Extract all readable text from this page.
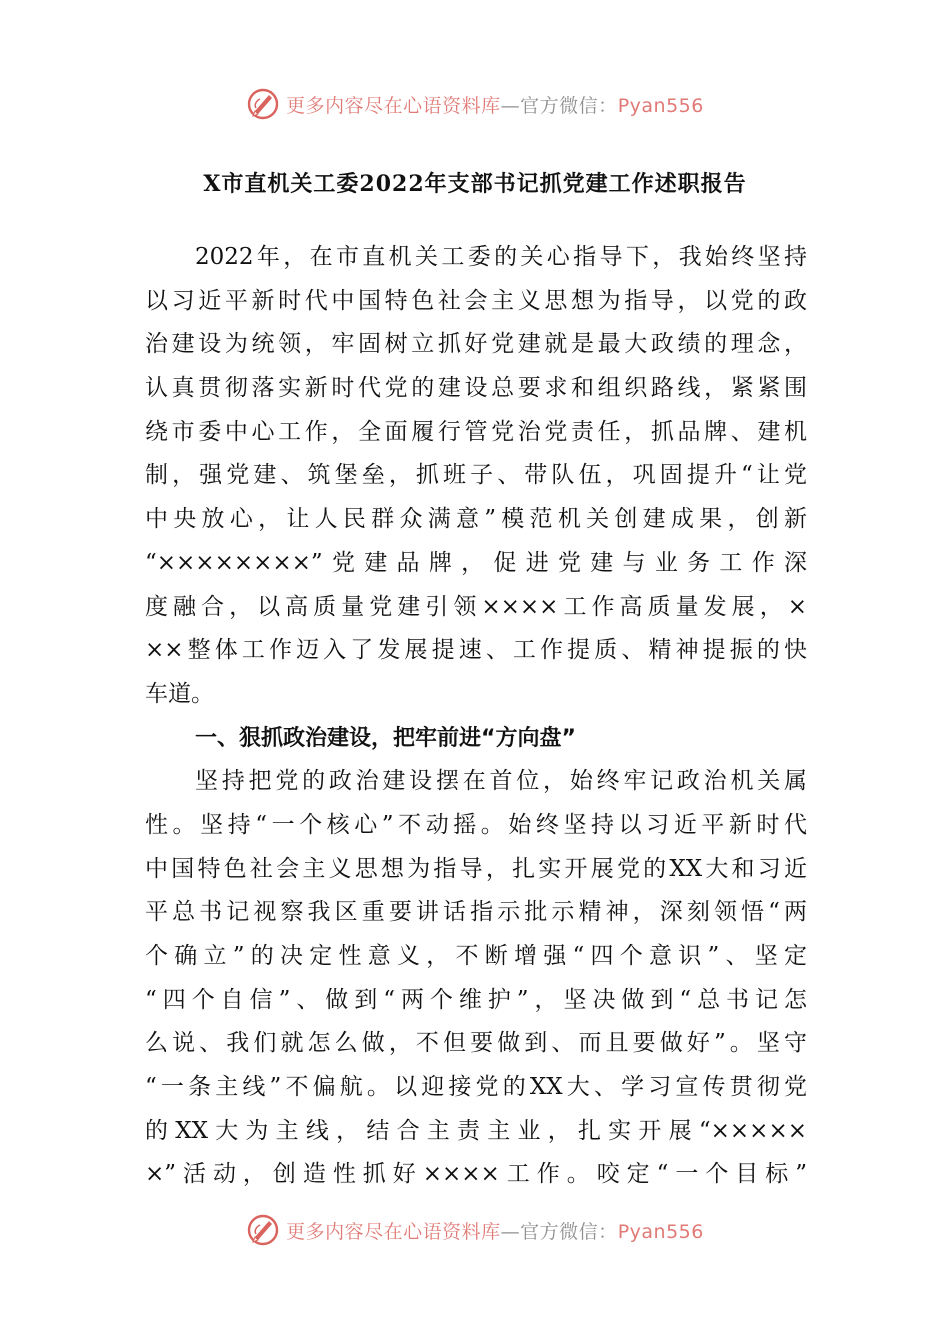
更多内容尽在心语资料库—官方微信：Pyan556
X市直机关工委2022年支部书记抓党建工作述职报告
2022年，在市直机关工委的关心指导下，我始终坚持
以习近平新时代中国特色社会主义思想为指导，以党的政
治建设为统领，牢固树立抓好党建就是最大政绩的理念，
认真贯彻落实新时代党的建设总要求和组织路线，紧紧围
绕市委中心工作，全面履行管党治党责任，抓品牌、建机
制，强党建、筑堡垒，抓班子、带队伍，巩固提升“让党
中央放心，让人民群众满意”模范机关创建成果，创新
“××××××××”党建品牌，促进党建与业务工作深
度融合，以高质量党建引领××××工作高质量发展，×
××整体工作迈入了发展提速、工作提质、精神提振的快
车道。
一、狠抓政治建设，把牢前进“方向盘”
坚持把党的政治建设摆在首位，始终牢记政治机关属
性。坚持“一个核心”不动摇。始终坚持以习近平新时代
中国特色社会主义思想为指导，扎实开展党的XX大和习近
平总书记视察我区重要讲话指示批示精神，深刻领悟“两
个确立”的决定性意义，不断增强“四个意识”、坚定
“四个自信”、做到“两个维护”，坚决做到“总书记怎
么说、我们就怎么做，不但要做到、而且要做好”。坚守
“一条主线”不偏航。以迎接党的XX大、学习宣传贯彻党
的XX大为主线，结合主责主业，扎实开展“×××××
×”活动，创造性抓好××××工作。咬定“一个目标”
更多内容尽在心语资料库—官方微信：Pyan556
